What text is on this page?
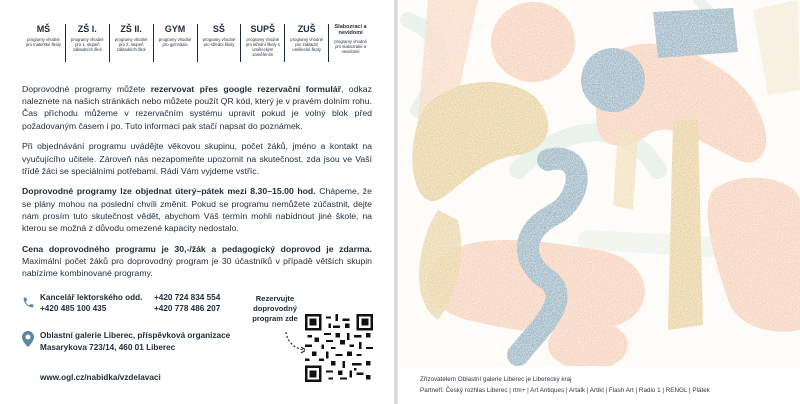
MŠ
programy vhodné pro mateřské školy
ZŠ I.
programy vhodné pro 1. stupeň základních škol
ZŠ II.
programy vhodné pro 2. stupeň základních škol
GYM
programy vhodné pro gymnázia
SŠ
programy vhodné pro střední školy
SUPŠ
programy vhodné pro střední školy s uměleckým zaměřením
ZUŠ
programy vhodné pro základní umělecké školy
Slabozrací a nevidomí
programy vhodné pro slabozraké a nevidomé

Doprovodné programy můžete rezervovat přes google rezervační formulář, odkaz naleznete na našich stránkách nebo můžete použít QR kód, který je v pravém dolním rohu. Čas příchodu můžeme v rezervačním systému upravit pokud je volný blok před požadovaným časem i po. Tuto informaci pak stačí napsat do poznámek.

Při objednávání programu uvádějte věkovou skupinu, počet žáků, jméno a kontakt na vyučujícího učitele. Zároveň nás nezapomeňte upozornit na skutečnost, zda jsou ve Vaší třídě žáci se speciálními potřebami. Rádi Vám vyjdeme vstříc.

Doprovodné programy lze objednat úterý–pátek mezi 8.30–15.00 hod. Chápeme, že se plány mohou na poslední chvíli změnit. Pokud se programu nemůžete zúčastnit, dejte nám prosím tuto skutečnost vědět, abychom Váš termín mohli nabídnout jiné škole, na kterou se možná z důvodu omezené kapacity nedostalo.

Cena doprovodného programu je 30,-/žák a pedagogický doprovod je zdarma. Maximální počet žáků pro doprovodný program je 30 účastníků v případě větších skupin nabízíme kombinované programy.

Kancelář lektorského odd.
+420 485 100 435
+420 724 834 554
+420 778 486 207
Oblastní galerie Liberec, příspěvková organizace
Masarykova 723/14, 460 01 Liberec
www.ogl.cz/nabidka/vzdelavaci
Rezervujte doprovodný program zde
Zřizovatelem Oblastní galerie Liberec je Liberecký kraj
Partneři: Český rozhlas Liberec | rtm+ | Art Antiques | Artalk | Artikl | Flash Art | Radio 1 | RENGL | Plátek
